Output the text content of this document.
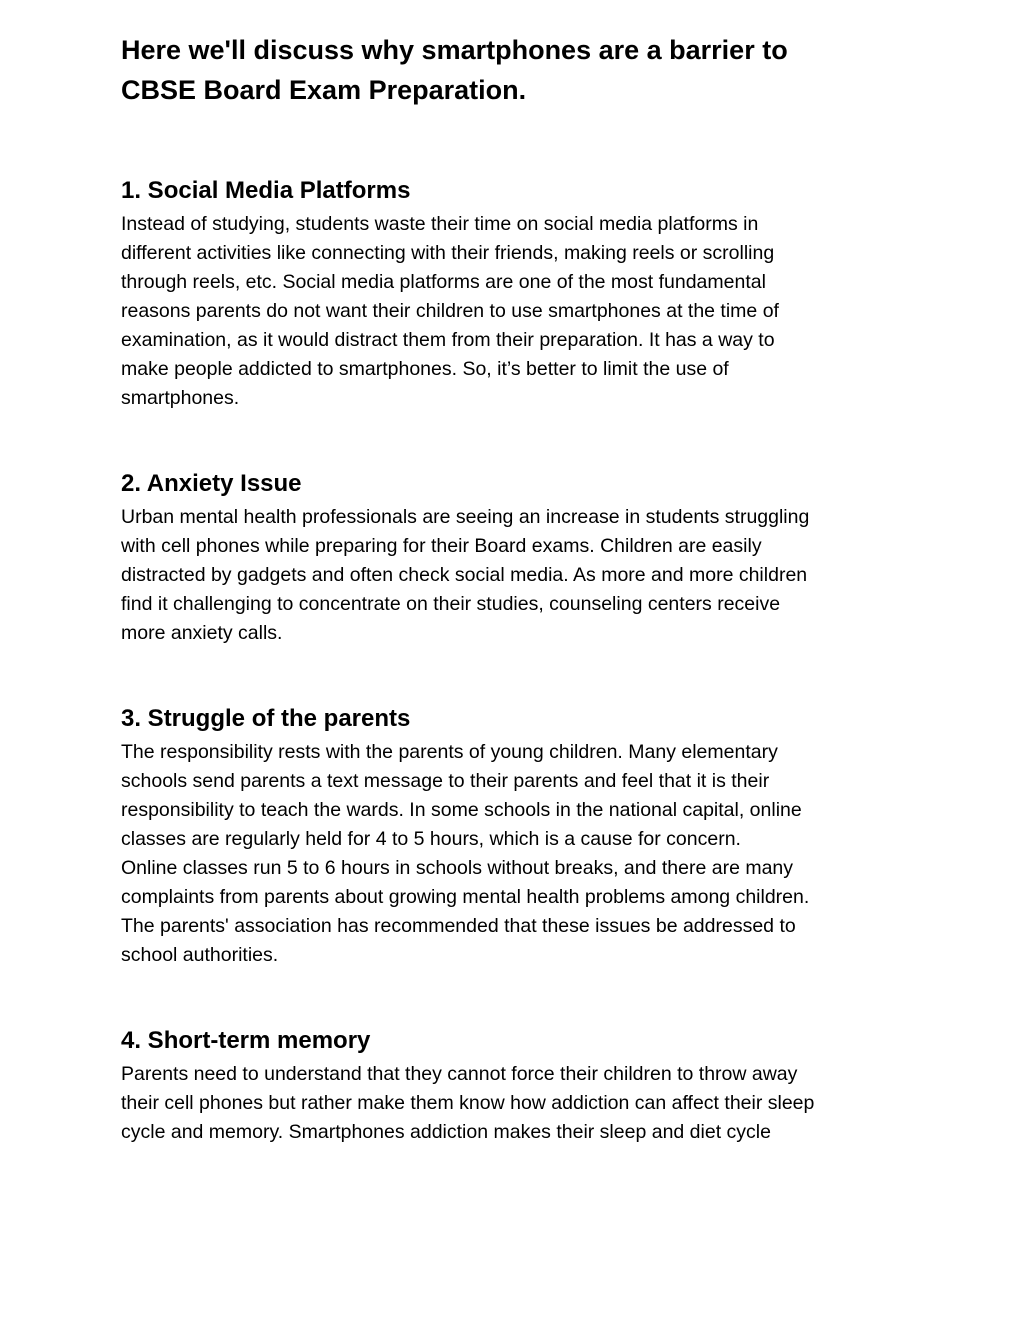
Here we'll discuss why smartphones are a barrier to
CBSE Board Exam Preparation.
1. Social Media Platforms

Instead of studying, students waste their time on social media platforms in
different activities like connecting with their friends, making reels or scrolling
through reels, etc. Social media platforms are one of the most fundamental
reasons parents do not want their children to use smartphones at the time of
examination, as it would distract them from their preparation. It has a way to
make people addicted to smartphones. So, it’s better to limit the use of
smartphones.

2. Anxiety Issue

Urban mental health professionals are seeing an increase in students struggling
with cell phones while preparing for their Board exams. Children are easily
distracted by gadgets and often check social media. As more and more children
find it challenging to concentrate on their studies, counseling centers receive
more anxiety calls.

3. Struggle of the parents

The responsibility rests with the parents of young children. Many elementary
schools send parents a text message to their parents and feel that it is their
responsibility to teach the wards. In some schools in the national capital, online
classes are regularly held for 4 to 5 hours, which is a cause for concern.
Online classes run 5 to 6 hours in schools without breaks, and there are many
complaints from parents about growing mental health problems among children.
The parents' association has recommended that these issues be addressed to
school authorities.

4. Short-term memory

Parents need to understand that they cannot force their children to throw away
their cell phones but rather make them know how addiction can affect their sleep
cycle and memory. Smartphones addiction makes their sleep and diet cycle
